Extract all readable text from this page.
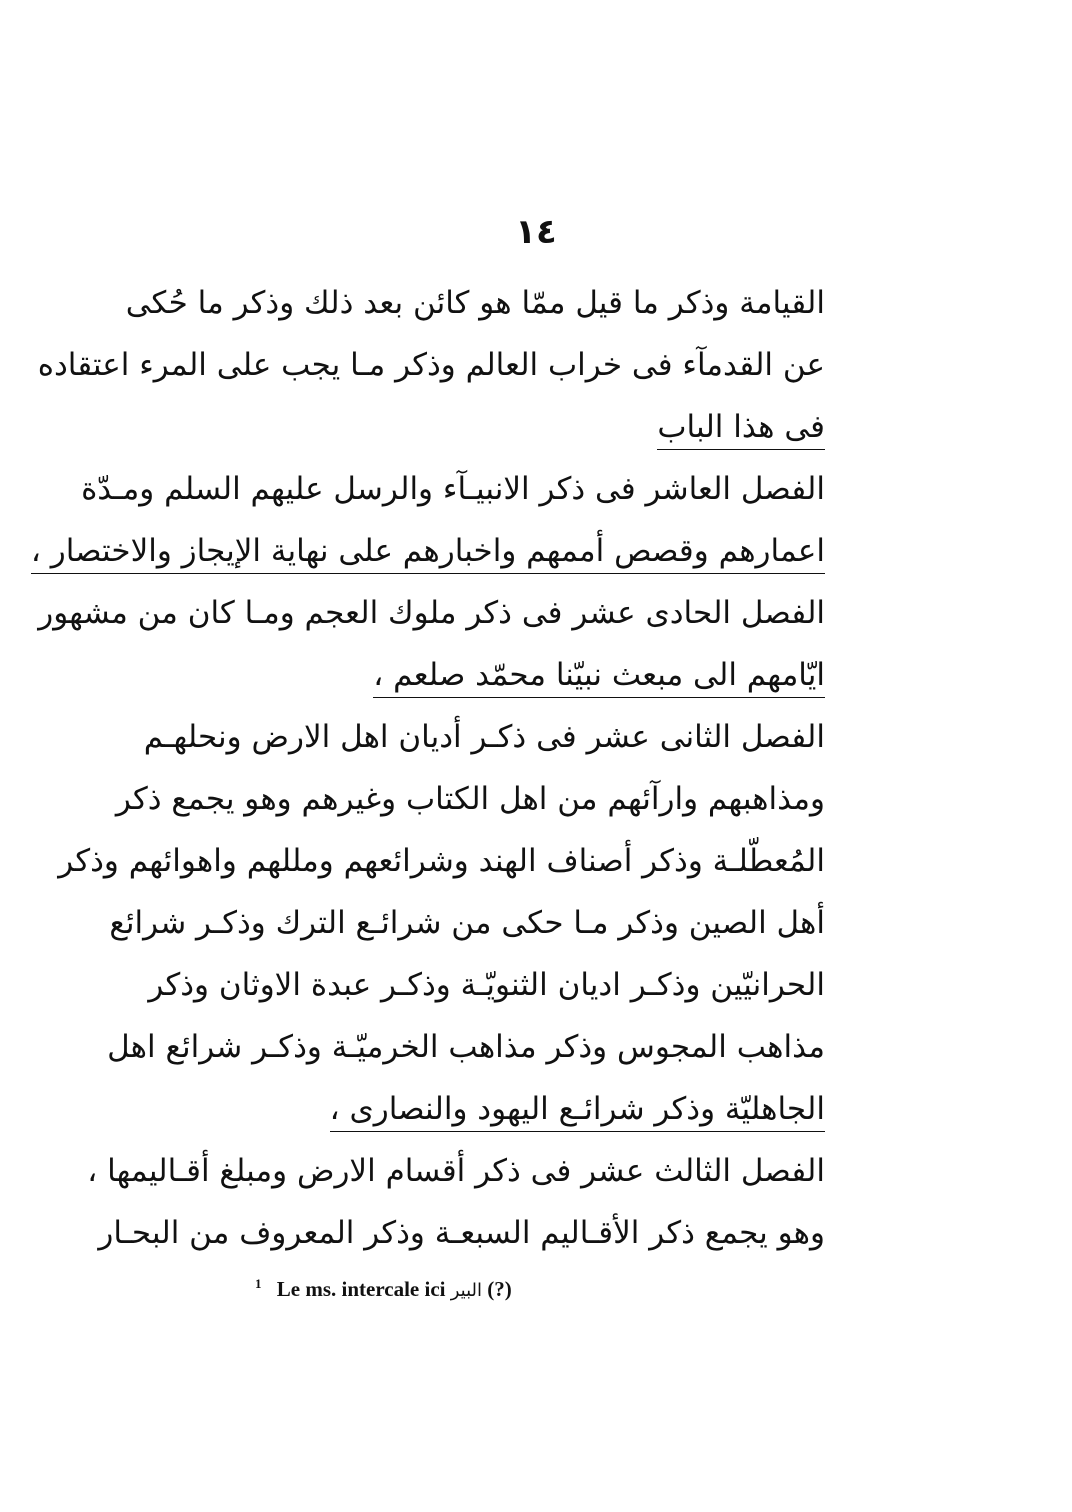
١٤
القيامة وذكر ما قيل ممّا هو كائن بعد ذلك وذكر ما حُكى
عن القدمآء فى خراب العالم وذكر مـا يجب على المرء اعتقاده
فى هذا الباب
الفصل العاشر فى ذكر الانبيـآء والرسل عليهم السلم ومـدّة
اعمارهم وقصص أممهم واخبارهم على نهاية الإيجاز والاختصار ،
الفصل الحادى عشر فى ذكر ملوك العجم ومـا كان من مشهور
ايّامهم الى مبعث نبيّنا محمّد صلعم ،
الفصل الثانى عشر فى ذكـر أديان اهل الارض ونحلهـم
ومذاهبهم وارآئهم من اهل الكتاب وغيرهم وهو يجمع ذكر
المُعطّلـة وذكر أصناف الهند وشرائعهم ومللهم واهوائهم وذكر
أهل الصين وذكر مـا حكى من شرائـع الترك وذكـر شرائع
الحرانيّين وذكـر اديان الثنويّـة وذكـر عبدة الاوثان وذكر
مذاهب المجوس وذكر مذاهب الخرميّـة وذكـر شرائع اهل
الجاهليّة وذكر شرائـع اليهود والنصارى ،
الفصل الثالث عشر فى ذكر أقسام الارض ومبلغ أقـاليمها ،
وهو يجمع ذكر الأقـاليم السبعـة وذكر المعروف من البحـار
$^1$ Le ms. intercale ici البير (?)
